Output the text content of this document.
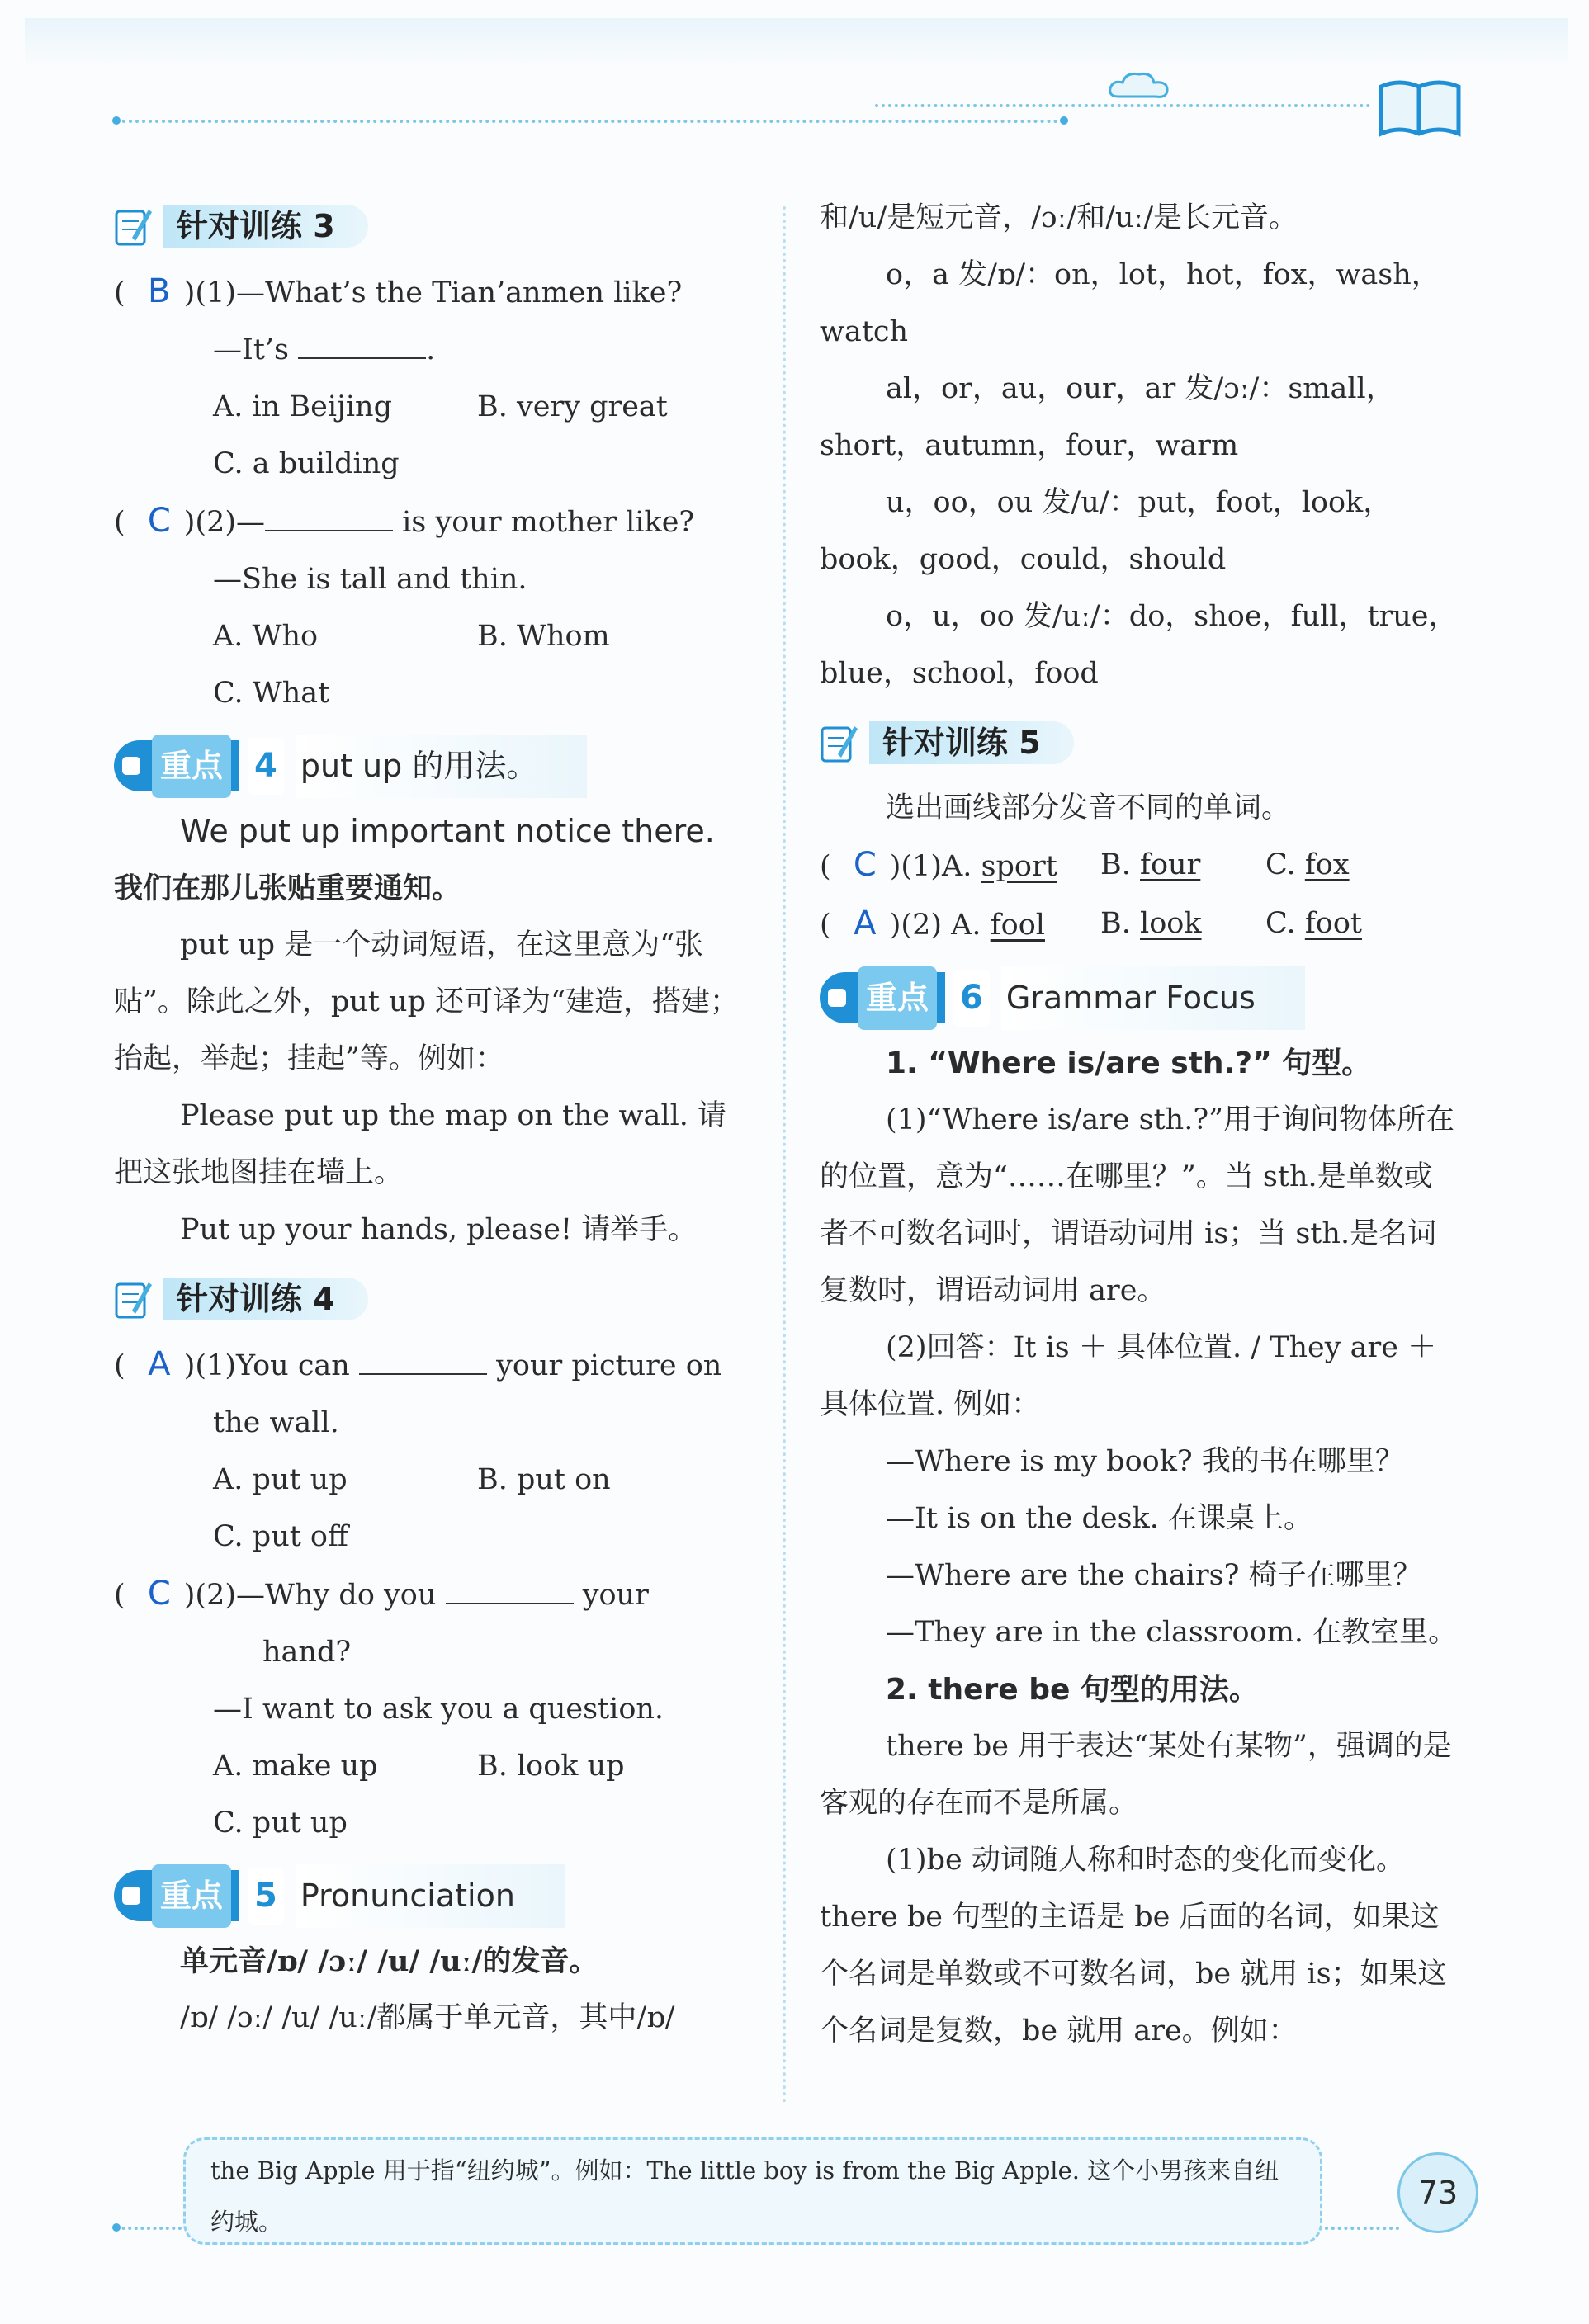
针对训练 3

( B )(1)—What’s the Tian’anmen like?

—It’s	.

A. in Beijing	B. very great

C. a building

( C )(2)—	is your mother like?

—She is tall and thin.

A. Who	B. Whom

C. What

重点 4 put up 的用法。

We put up important notice there.

我们在那儿张贴重要通知。

put up 是一个动词短语，在这里意为“张贴”。除此之外，put up 还可译为“建造，搭建；抬起，举起；挂起”等。例如：

Please put up the map on the wall. 请把这张地图挂在墙上。

Put up your hands, please! 请举手。

针对训练 4

( A )(1)You can	your picture on

the wall.

A. put up	B. put on

C. put off

( C )(2)—Why do you	your

hand?

—I want to ask you a question.

A. make up	B. look up

C. put up

重点 5 Pronunciation

单元音/ɒ/ /ɔː/ /u/ /uː/的发音。

/ɒ/ /ɔː/ /u/ /uː/都属于单元音，其中/ɒ/

和/u/是短元音，/ɔː/和/uː/是长元音。

o，a 发/ɒ/：on，lot，hot，fox，wash，watch

al，or，au，our，ar 发/ɔː/：small，short，autumn，four，warm

u，oo，ou 发/u/：put，foot，look，book，good，could，should

o，u，oo 发/uː/：do，shoe，full，true，blue，school，food

针对训练 5

选出画线部分发音不同的单词。

( C )(1)A. sport	B. four	C. fox
( A )(2) A. fool	B. look	C. foot
重点 6 Grammar Focus

1. “Where is/are sth.?” 句型。

(1)“Where is/are sth.?”用于询问物体所在的位置，意为“……在哪里？”。当 sth.是单数或者不可数名词时，谓语动词用 is；当 sth.是名词复数时，谓语动词用 are。

(2)回答：It is ＋ 具体位置. / They are ＋ 具体位置. 例如：

—Where is my book? 我的书在哪里？

—It is on the desk. 在课桌上。

—Where are the chairs? 椅子在哪里？

—They are in the classroom. 在教室里。

2. there be 句型的用法。

there be 用于表达“某处有某物”，强调的是客观的存在而不是所属。

(1)be 动词随人称和时态的变化而变化。there be 句型的主语是 be 后面的名词，如果这个名词是单数或不可数名词，be 就用 is；如果这个名词是复数，be 就用 are。例如：

the Big Apple 用于指“纽约城”。例如：The little boy is from the Big Apple. 这个小男孩来自纽约城。
73
